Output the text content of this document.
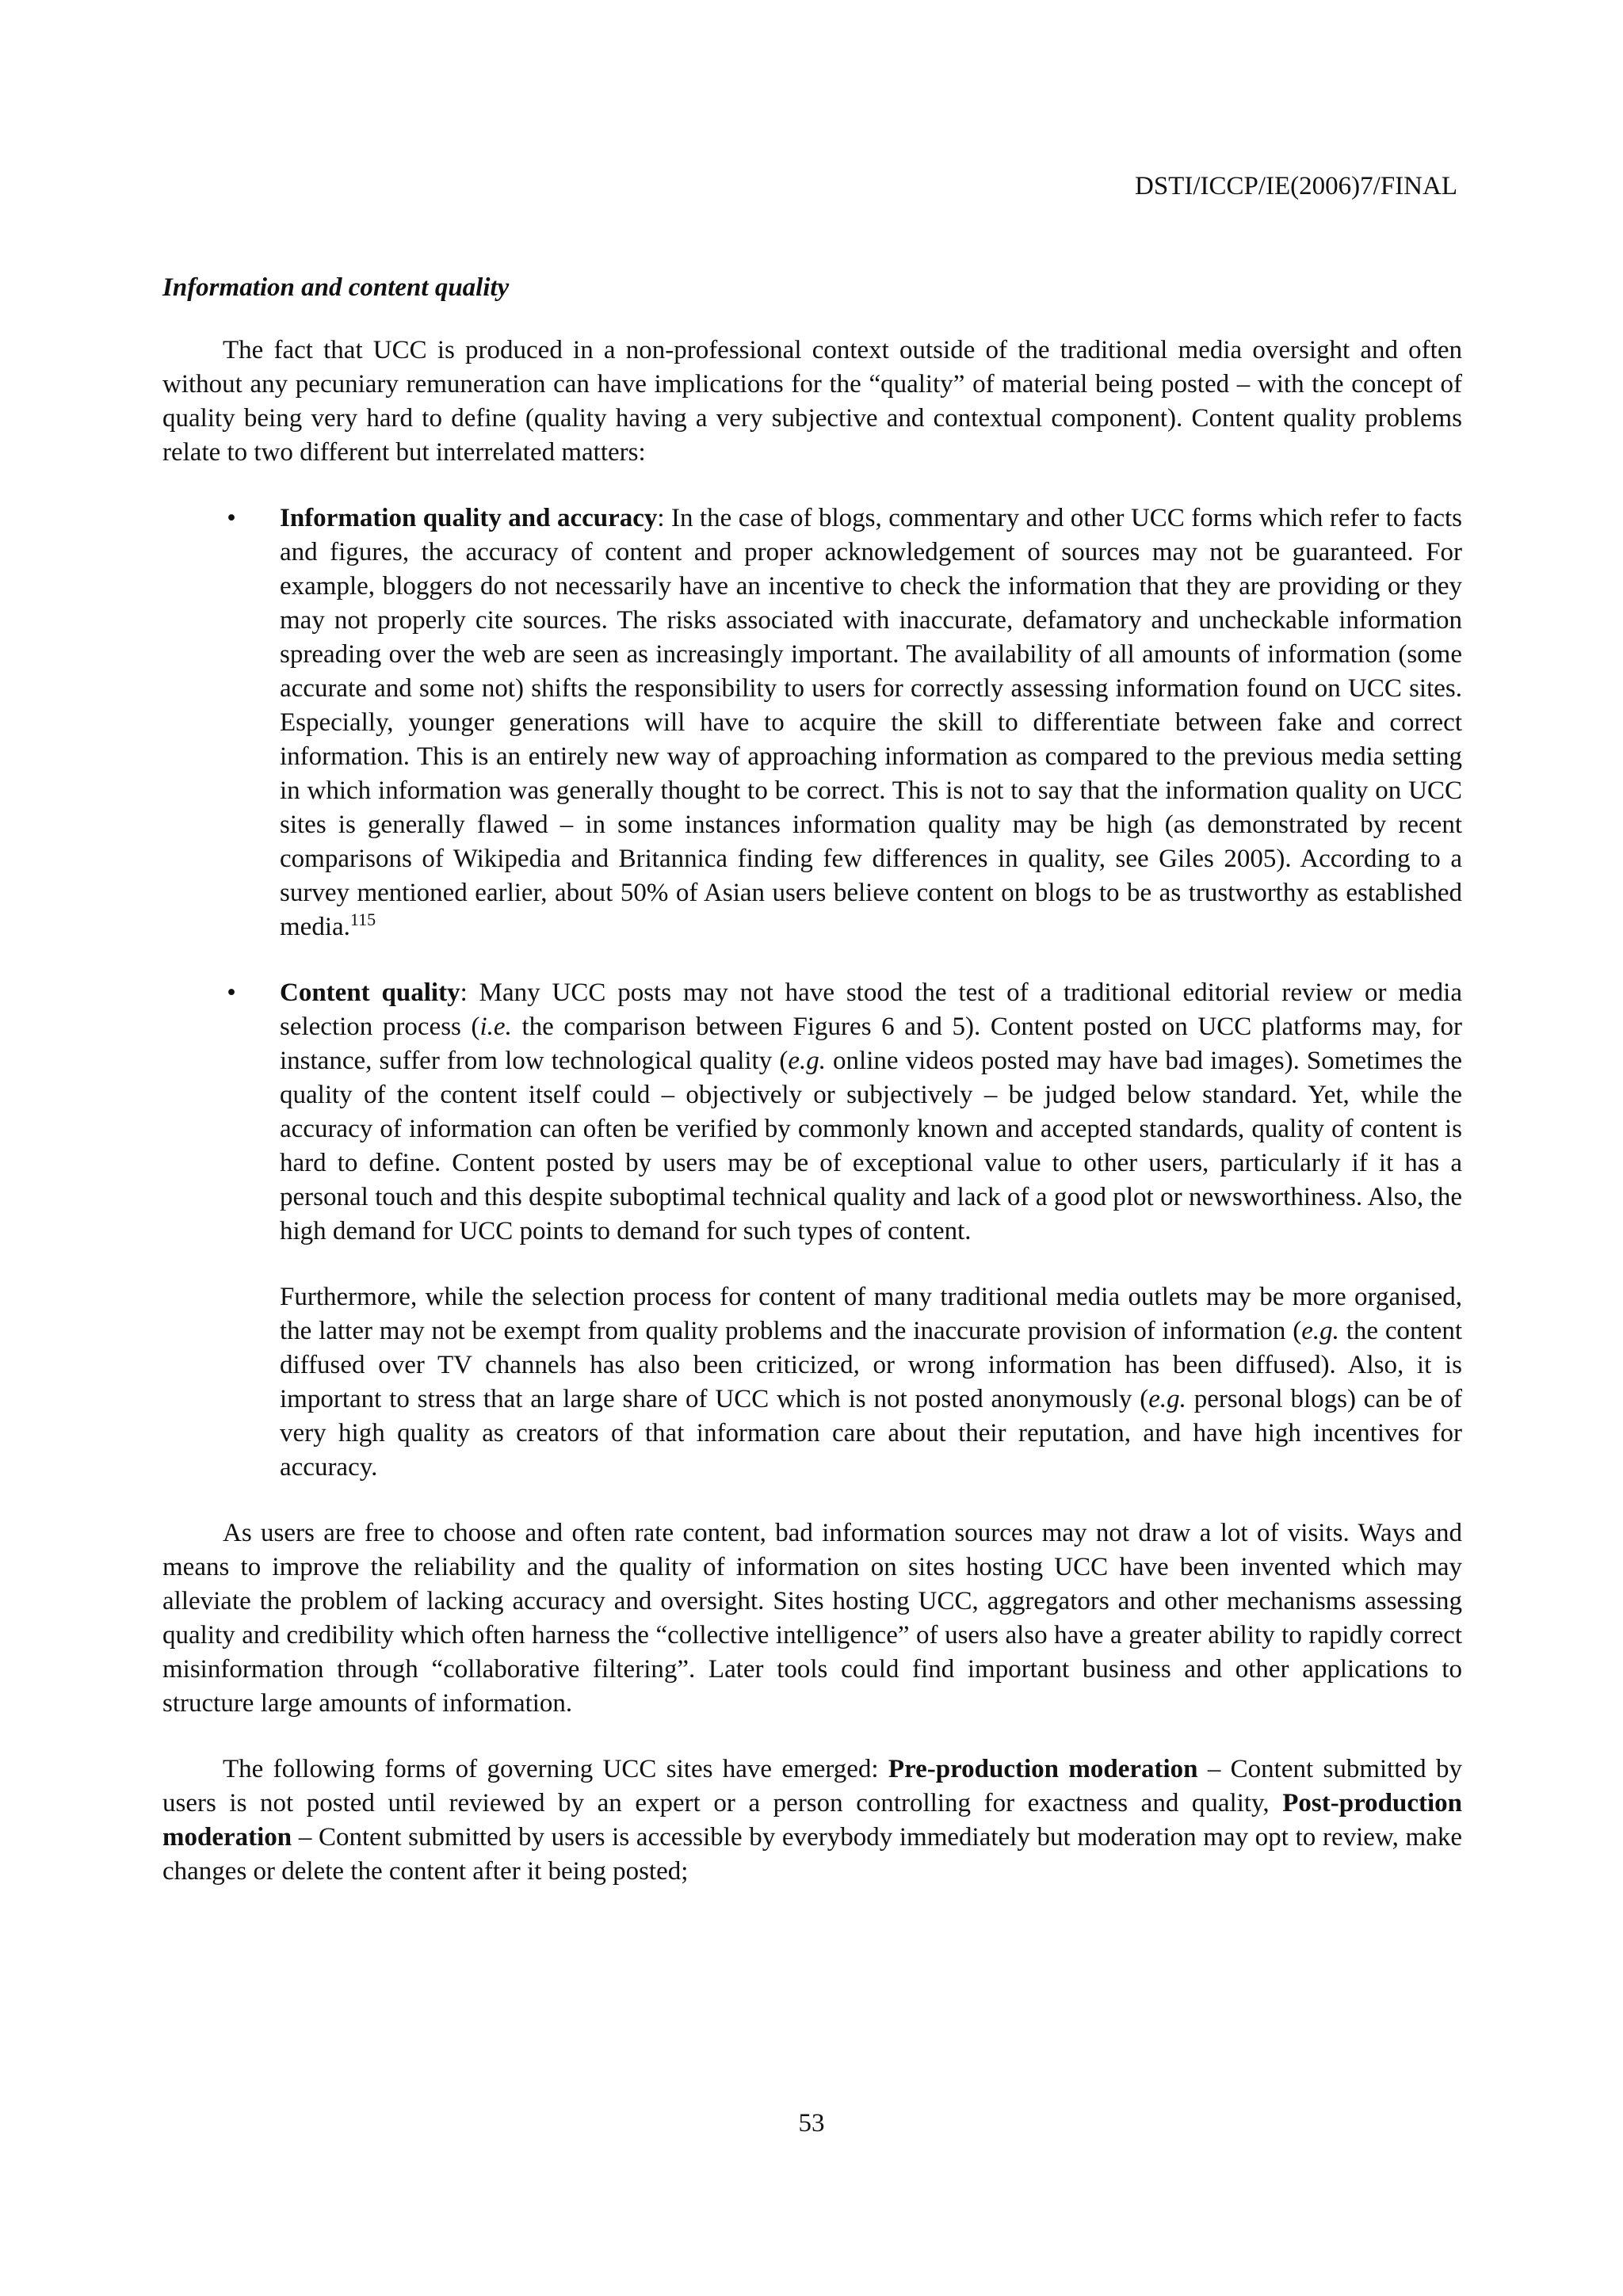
DSTI/ICCP/IE(2006)7/FINAL

Information and content quality

The fact that UCC is produced in a non-professional context outside of the traditional media oversight and often without any pecuniary remuneration can have implications for the “quality” of material being posted – with the concept of quality being very hard to define (quality having a very subjective and contextual component). Content quality problems relate to two different but interrelated matters:

• Information quality and accuracy: In the case of blogs, commentary and other UCC forms which refer to facts and figures, the accuracy of content and proper acknowledgement of sources may not be guaranteed. For example, bloggers do not necessarily have an incentive to check the information that they are providing or they may not properly cite sources. The risks associated with inaccurate, defamatory and uncheckable information spreading over the web are seen as increasingly important. The availability of all amounts of information (some accurate and some not) shifts the responsibility to users for correctly assessing information found on UCC sites. Especially, younger generations will have to acquire the skill to differentiate between fake and correct information. This is an entirely new way of approaching information as compared to the previous media setting in which information was generally thought to be correct. This is not to say that the information quality on UCC sites is generally flawed – in some instances information quality may be high (as demonstrated by recent comparisons of Wikipedia and Britannica finding few differences in quality, see Giles 2005). According to a survey mentioned earlier, about 50% of Asian users believe content on blogs to be as trustworthy as established media.$^{115}$

• Content quality: Many UCC posts may not have stood the test of a traditional editorial review or media selection process (i.e. the comparison between Figures 6 and 5). Content posted on UCC platforms may, for instance, suffer from low technological quality (e.g. online videos posted may have bad images). Sometimes the quality of the content itself could – objectively or subjectively – be judged below standard. Yet, while the accuracy of information can often be verified by commonly known and accepted standards, quality of content is hard to define. Content posted by users may be of exceptional value to other users, particularly if it has a personal touch and this despite suboptimal technical quality and lack of a good plot or newsworthiness. Also, the high demand for UCC points to demand for such types of content.

Furthermore, while the selection process for content of many traditional media outlets may be more organised, the latter may not be exempt from quality problems and the inaccurate provision of information (e.g. the content diffused over TV channels has also been criticized, or wrong information has been diffused). Also, it is important to stress that an large share of UCC which is not posted anonymously (e.g. personal blogs) can be of very high quality as creators of that information care about their reputation, and have high incentives for accuracy.

As users are free to choose and often rate content, bad information sources may not draw a lot of visits. Ways and means to improve the reliability and the quality of information on sites hosting UCC have been invented which may alleviate the problem of lacking accuracy and oversight. Sites hosting UCC, aggregators and other mechanisms assessing quality and credibility which often harness the “collective intelligence” of users also have a greater ability to rapidly correct misinformation through “collaborative filtering”. Later tools could find important business and other applications to structure large amounts of information.

The following forms of governing UCC sites have emerged: Pre-production moderation – Content submitted by users is not posted until reviewed by an expert or a person controlling for exactness and quality, Post-production moderation – Content submitted by users is accessible by everybody immediately but moderation may opt to review, make changes or delete the content after it being posted;

53
